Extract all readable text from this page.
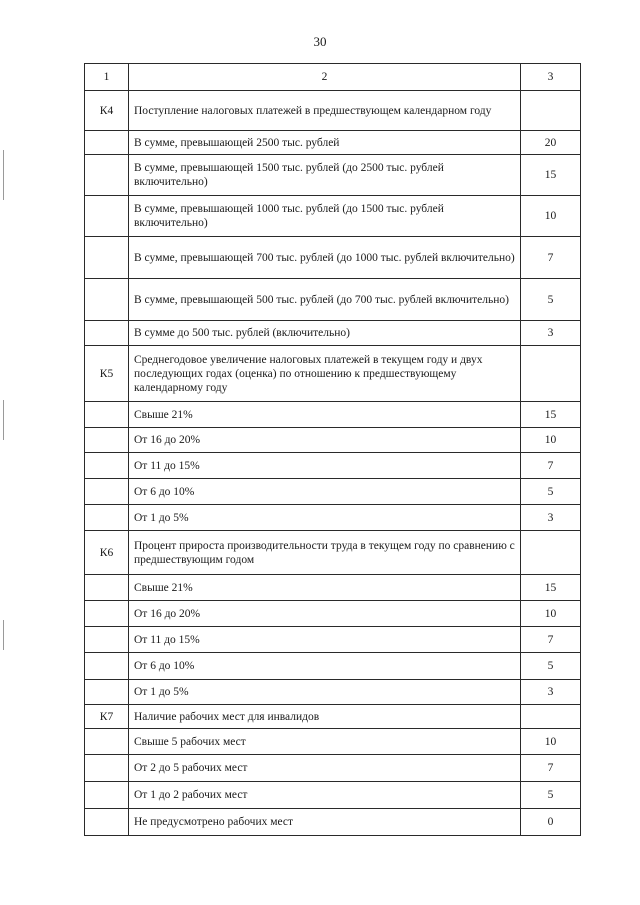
30
1	2	3
К4	Поступление налоговых платежей в предшествующем календарном году	
	В сумме, превышающей 2500 тыс. рублей	20
	В сумме, превышающей 1500 тыс. рублей (до 2500 тыс. рублей включительно)	15
	В сумме, превышающей 1000 тыс. рублей (до 1500 тыс. рублей включительно)	10
	В сумме, превышающей 700 тыс. рублей (до 1000 тыс. рублей включительно)	7
	В сумме, превышающей 500 тыс. рублей (до 700 тыс. рублей включительно)	5
	В сумме до 500 тыс. рублей (включительно)	3
К5	Среднегодовое увеличение налоговых платежей в текущем году и двух последующих годах (оценка) по отношению к предшествующему календарному году	
	Свыше 21%	15
	От 16 до 20%	10
	От 11 до 15%	7
	От 6 до 10%	5
	От 1 до 5%	3
К6	Процент прироста производительности труда в текущем году по сравнению с предшествующим годом	
	Свыше 21%	15
	От 16 до 20%	10
	От 11 до 15%	7
	От 6 до 10%	5
	От 1 до 5%	3
К7	Наличие рабочих мест для инвалидов	
	Свыше 5 рабочих мест	10
	От 2 до 5 рабочих мест	7
	От 1 до 2 рабочих мест	5
	Не предусмотрено рабочих мест	0
